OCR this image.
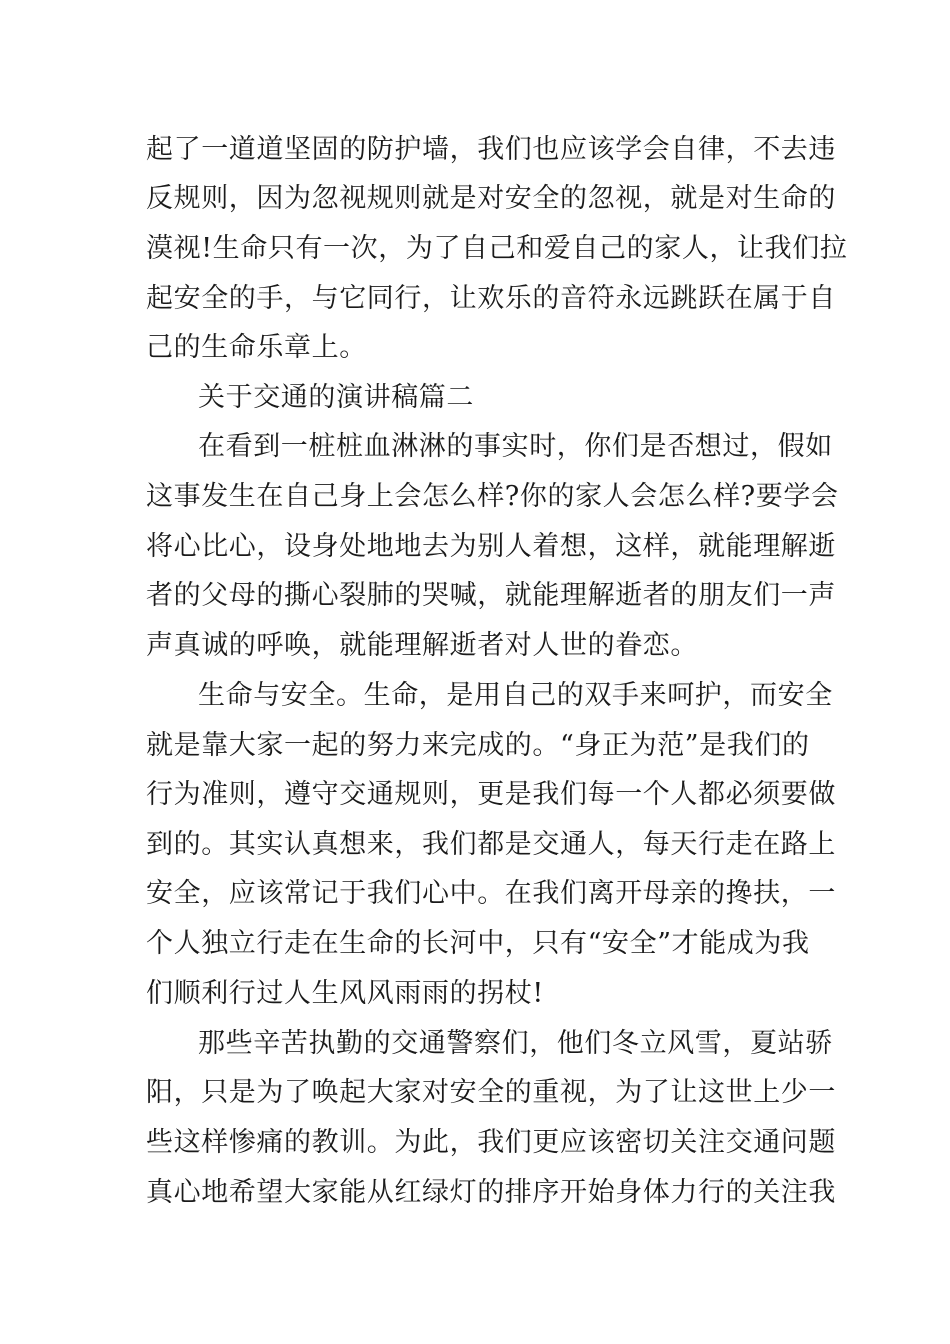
起了一道道坚固的防护墙，我们也应该学会自律，不去违
反规则，因为忽视规则就是对安全的忽视，就是对生命的
漠视!生命只有一次，为了自己和爱自己的家人，让我们拉
起安全的手，与它同行，让欢乐的音符永远跳跃在属于自
己的生命乐章上。
关于交通的演讲稿篇二
在看到一桩桩血淋淋的事实时，你们是否想过，假如
这事发生在自己身上会怎么样?你的家人会怎么样?要学会
将心比心，设身处地地去为别人着想，这样，就能理解逝
者的父母的撕心裂肺的哭喊，就能理解逝者的朋友们一声
声真诚的呼唤，就能理解逝者对人世的眷恋。
生命与安全。生命，是用自己的双手来呵护，而安全
就是靠大家一起的努力来完成的。“身正为范”是我们的
行为准则，遵守交通规则，更是我们每一个人都必须要做
到的。其实认真想来，我们都是交通人，每天行走在路上
安全，应该常记于我们心中。在我们离开母亲的搀扶，一
个人独立行走在生命的长河中，只有“安全”才能成为我
们顺利行过人生风风雨雨的拐杖!
那些辛苦执勤的交通警察们，他们冬立风雪，夏站骄
阳，只是为了唤起大家对安全的重视，为了让这世上少一
些这样惨痛的教训。为此，我们更应该密切关注交通问题
真心地希望大家能从红绿灯的排序开始身体力行的关注我
